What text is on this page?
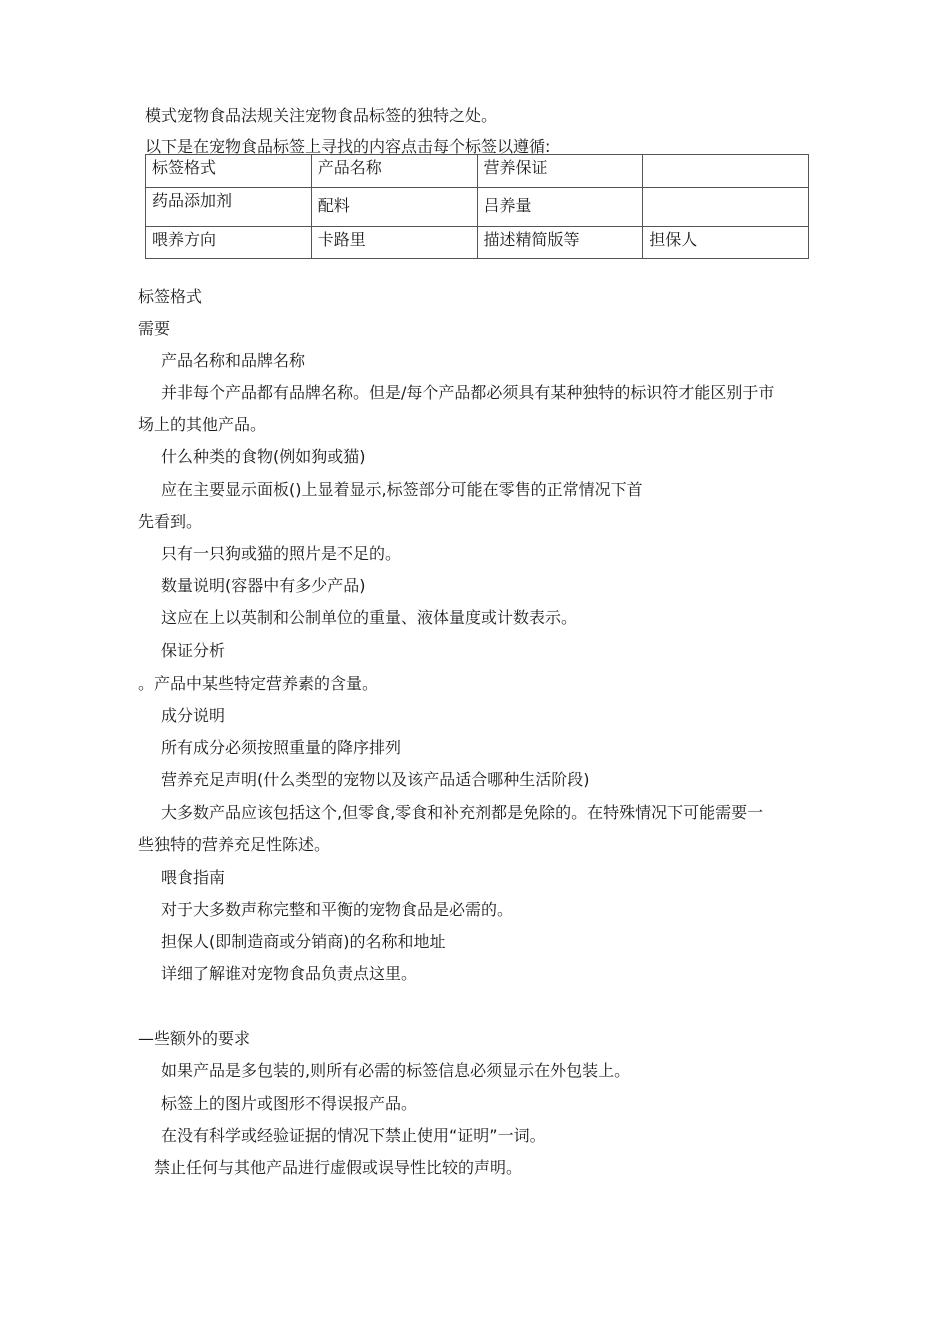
模式宠物食品法规关注宠物食品标签的独特之处。
以下是在宠物食品标签上寻找的内容点击每个标签以遵循:
标签格式	产品名称	营养保证	
药品添加剂	配料	吕养量	
喂养方向	卡路里	描述精简版等	担保人
标签格式
需要
产品名称和品牌名称
并非每个产品都有品牌名称。但是/每个产品都必须具有某种独特的标识符才能区别于市
场上的其他产品。
什么种类的食物(例如狗或猫)
应在主要显示面板()上显着显示,标签部分可能在零售的正常情况下首
先看到。
只有一只狗或猫的照片是不足的。
数量说明(容器中有多少产品)
这应在上以英制和公制单位的重量、液体量度或计数表示。
保证分析
。产品中某些特定营养素的含量。
成分说明
所有成分必须按照重量的降序排列
营养充足声明(什么类型的宠物以及该产品适合哪种生活阶段)
大多数产品应该包括这个,但零食,零食和补充剂都是免除的。在特殊情况下可能需要一
些独特的营养充足性陈述。
喂食指南
对于大多数声称完整和平衡的宠物食品是必需的。
担保人(即制造商或分销商)的名称和地址
详细了解谁对宠物食品负责点这里。
—些额外的要求
如果产品是多包装的,则所有必需的标签信息必须显示在外包装上。
标签上的图片或图形不得误报产品。
在没有科学或经验证据的情况下禁止使用“证明”一词。
禁止任何与其他产品进行虚假或误导性比较的声明。
